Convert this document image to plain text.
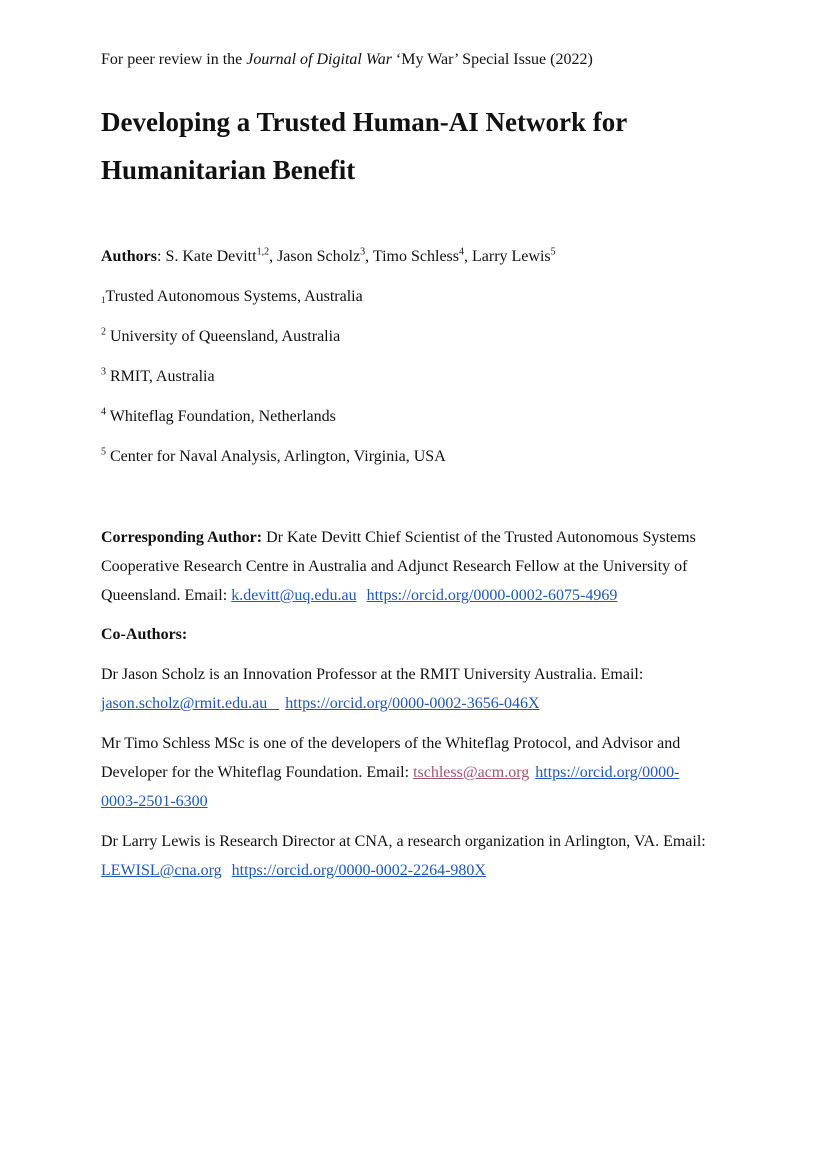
For peer review in the Journal of Digital War ‘My War’ Special Issue (2022)
Developing a Trusted Human-AI Network for
Humanitarian Benefit
Authors: S. Kate Devitt$^{1,2}$, Jason Scholz$^3$, Timo Schless$^4$, Larry Lewis$^5$
$_1$Trusted Autonomous Systems, Australia
$^2$ University of Queensland, Australia
$^3$ RMIT, Australia
$^4$ Whiteflag Foundation, Netherlands
$^5$ Center for Naval Analysis, Arlington, Virginia, USA
Corresponding Author: Dr Kate Devitt Chief Scientist of the Trusted Autonomous Systems Cooperative Research Centre in Australia and Adjunct Research Fellow at the University of Queensland. Email: k.devitt@uq.edu.au https://orcid.org/0000-0002-6075-4969
Co-Authors:
Dr Jason Scholz is an Innovation Professor at the RMIT University Australia. Email: jason.scholz@rmit.edu.au https://orcid.org/0000-0002-3656-046X
Mr Timo Schless MSc is one of the developers of the Whiteflag Protocol, and Advisor and Developer for the Whiteflag Foundation. Email: tschless@acm.org https://orcid.org/0000-
0003-2501-6300
Dr Larry Lewis is Research Director at CNA, a research organization in Arlington, VA. Email: LEWISL@cna.org https://orcid.org/0000-0002-2264-980X
